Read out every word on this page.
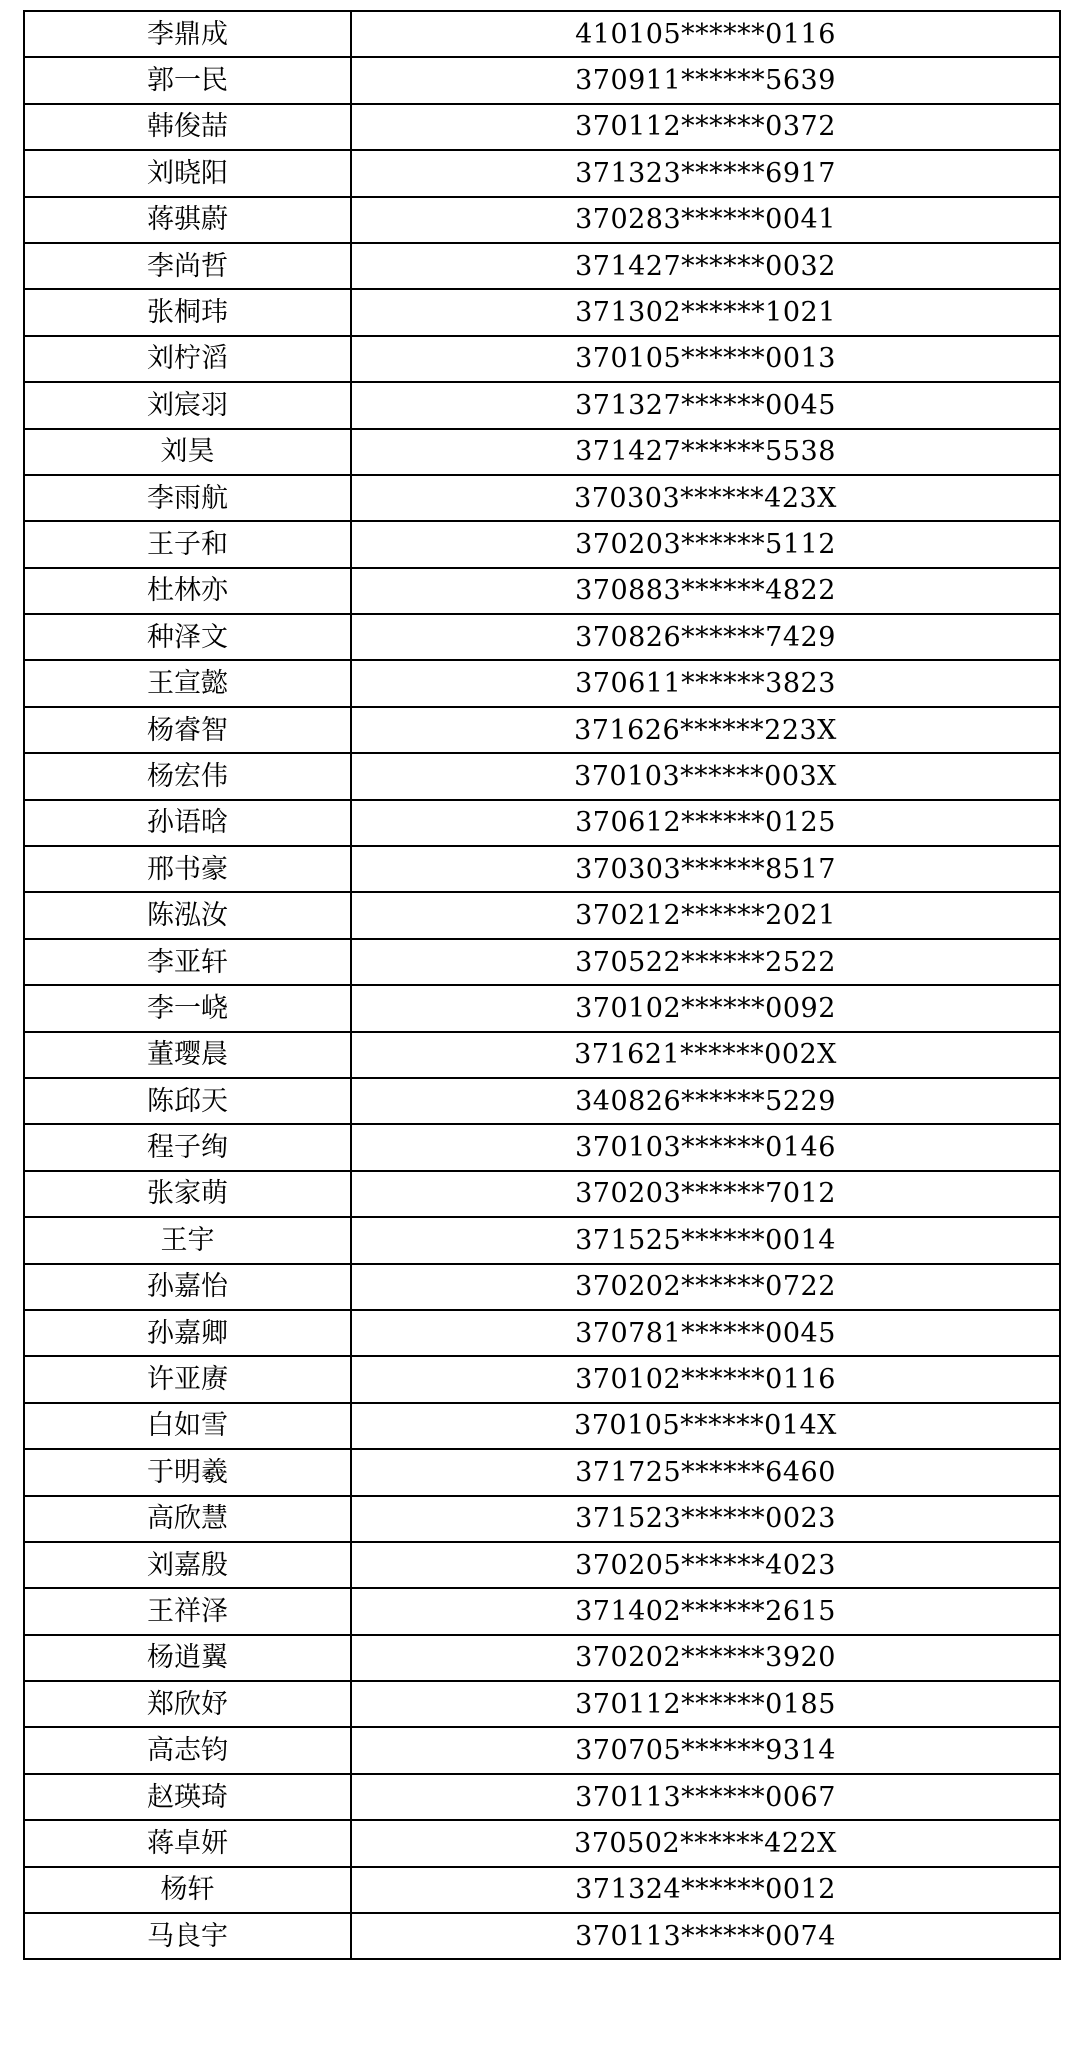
李鼎成	410105******0116
郭一民	370911******5639
韩俊喆	370112******0372
刘晓阳	371323******6917
蒋骐蔚	370283******0041
李尚哲	371427******0032
张桐玮	371302******1021
刘柠滔	370105******0013
刘宸羽	371327******0045
刘昊	371427******5538
李雨航	370303******423X
王子和	370203******5112
杜林亦	370883******4822
种泽文	370826******7429
王宣懿	370611******3823
杨睿智	371626******223X
杨宏伟	370103******003X
孙语晗	370612******0125
邢书豪	370303******8517
陈泓汝	370212******2021
李亚轩	370522******2522
李一峣	370102******0092
董璎晨	371621******002X
陈邱天	340826******5229
程子绚	370103******0146
张家萌	370203******7012
王宇	371525******0014
孙嘉怡	370202******0722
孙嘉卿	370781******0045
许亚赓	370102******0116
白如雪	370105******014X
于明羲	371725******6460
高欣慧	371523******0023
刘嘉殷	370205******4023
王祥泽	371402******2615
杨逍翼	370202******3920
郑欣妤	370112******0185
高志钧	370705******9314
赵瑛琦	370113******0067
蒋卓妍	370502******422X
杨轩	371324******0012
马良宇	370113******0074
